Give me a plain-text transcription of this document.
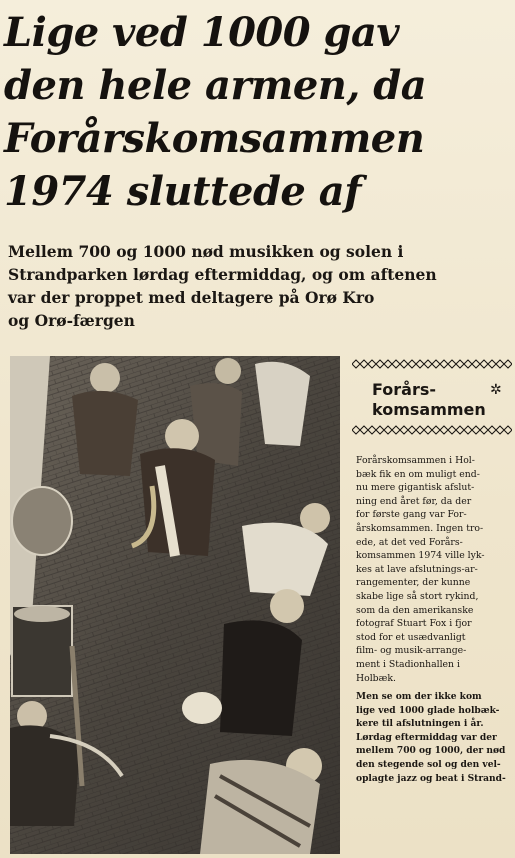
Lige ved 1000 gav
den hele armen, da
Forårskomsammen
1974 sluttede af

Mellem 700 og 1000 nød musikken og solen i
Strandparken lørdag eftermiddag, og om aftenen
var der proppet med deltagere på Orø Kro
og Orø-færgen

Forårs-
komsammen
✲
Forårskomsammen i Hol-
bæk fik en om muligt end-
nu mere gigantisk afslut-
ning end året før, da der
for første gang var For-
årskomsammen. Ingen tro-
ede, at det ved Forårs-
komsammen 1974 ville lyk-
kes at lave afslutnings-ar-
rangementer, der kunne
skabe lige så stort rykind,
som da den amerikanske
fotograf Stuart Fox i fjor
stod for et usædvanligt
film- og musik-arrange-
ment i Stadionhallen i
Holbæk.
Men se om der ikke kom
lige ved 1000 glade holbæk-
kere til afslutningen i år.
Lørdag eftermiddag var der
mellem 700 og 1000, der nød
den stegende sol og den vel-
oplagte jazz og beat i Strand-
